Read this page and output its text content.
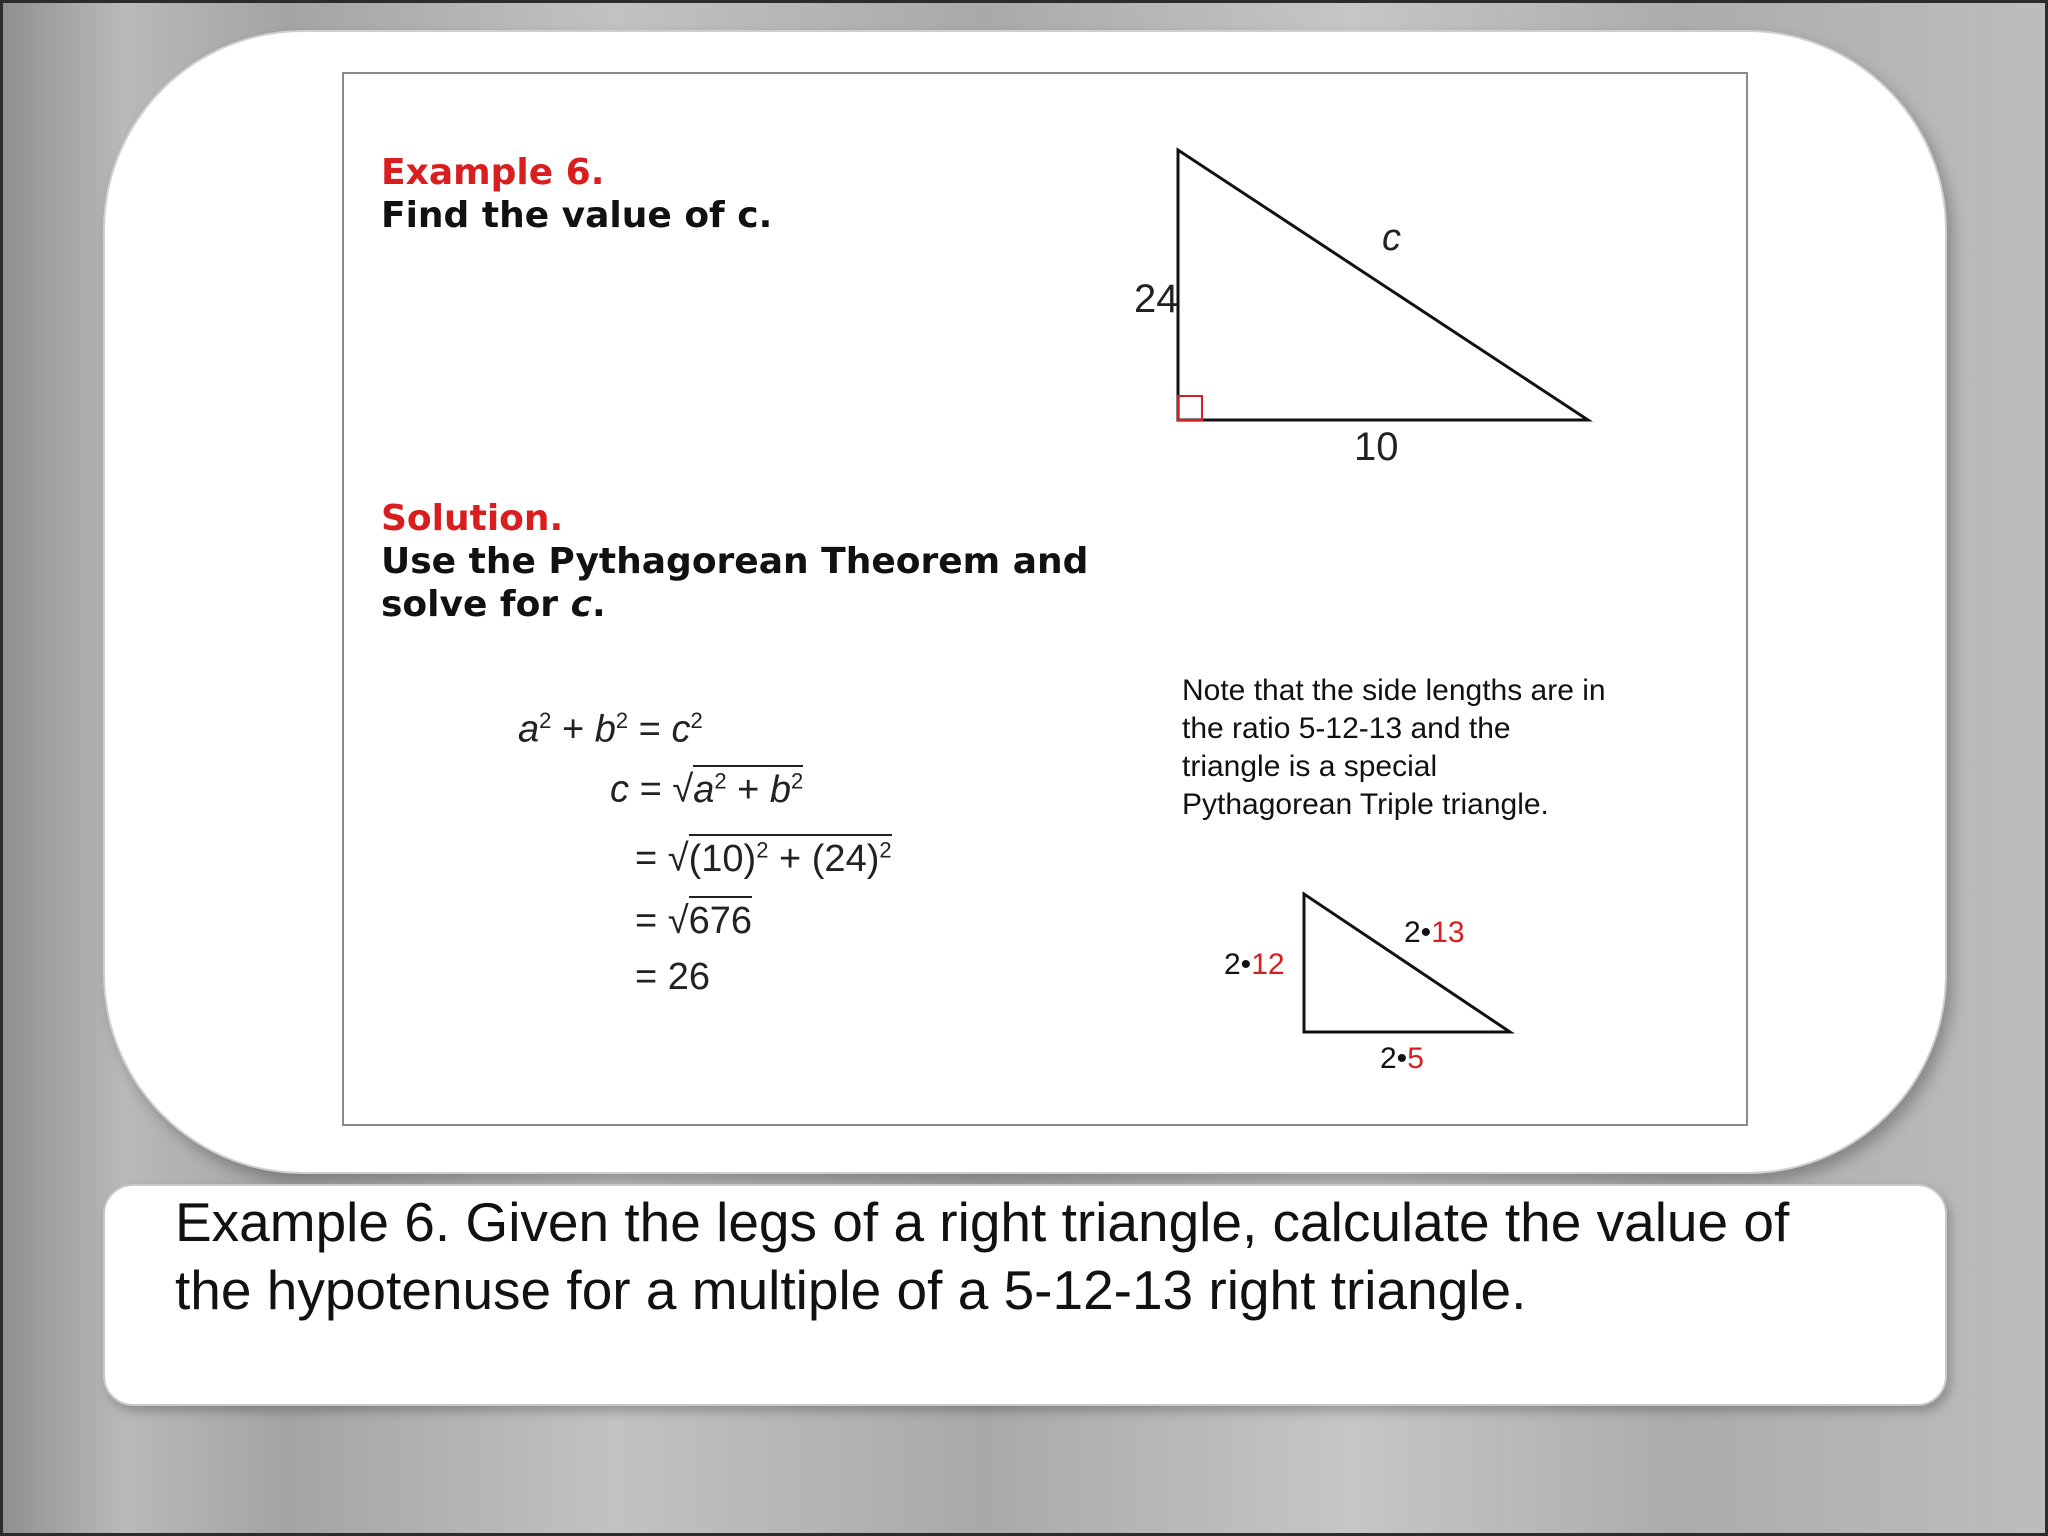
Example 6.
Find the value of c.
Solution.
Use the Pythagorean Theorem and
solve for c.
$a^2 + b^2 = c^2$
$c = √a^2 + b^2$
= $√(10)^2 + (24)^2$
= √676
= 26
24
10
c
2•12
2•13
2•5
Note that the side lengths are in
the ratio 5-12-13 and the
triangle is a special
Pythagorean Triple triangle.
Example 6. Given the legs of a right triangle, calculate the value of
the hypotenuse for a multiple of a 5-12-13 right triangle.
